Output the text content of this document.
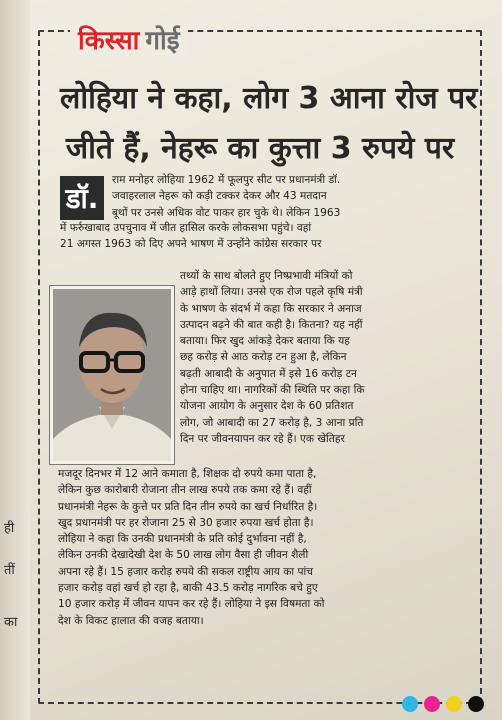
ही
तीं
का
किस्सा गोई
लोहिया ने कहा, लोग 3 आना रोज पर
जीते हैं, नेहरू का कुत्ता 3 रुपये पर
डॉ.
राम मनोहर लोहिया 1962 में फूलपुर सीट पर प्रधानमंत्री डॉ.
जवाहरलाल नेहरू को कड़ी टक्कर देकर और 43 मतदान
बूथों पर उनसे अधिक वोट पाकर हार चुके थे। लेकिन 1963
में फर्रुखाबाद उपचुनाव में जीत हासिल करके लोकसभा पहुंचे। वहां
21 अगस्त 1963 को दिए अपने भाषण में उन्होंने कांग्रेस सरकार पर
तथ्यों के साथ बोलते हुए निष्प्रभावी मंत्रियों को
आड़े हाथों लिया। उनसे एक रोज पहले कृषि मंत्री
के भाषण के संदर्भ में कहा कि सरकार ने अनाज
उत्पादन बढ़ने की बात कही है। कितना? यह नहीं
बताया। फिर खुद आंकड़े देकर बताया कि यह
छह करोड़ से आठ करोड़ टन हुआ है, लेकिन
बढ़ती आबादी के अनुपात में इसे 16 करोड़ टन
होना चाहिए था। नागरिकों की स्थिति पर कहा कि
योजना आयोग के अनुसार देश के 60 प्रतिशत
लोग, जो आबादी का 27 करोड़ है, 3 आना प्रति
दिन पर जीवनयापन कर रहे हैं। एक खेतिहर
मजदूर दिनभर में 12 आने कमाता है, शिक्षक दो रुपये कमा पाता है,
लेकिन कुछ कारोबारी रोजाना तीन लाख रुपये तक कमा रहे हैं। वहीं
प्रधानमंत्री नेहरू के कुत्ते पर प्रति दिन तीन रुपये का खर्च निर्धारित है।
खुद प्रधानमंत्री पर हर रोजाना 25 से 30 हजार रुपया खर्च होता है।
लोहिया ने कहा कि उनकी प्रधानमंत्री के प्रति कोई दुर्भावना नहीं है,
लेकिन उनकी देखादेखी देश के 50 लाख लोग वैसा ही जीवन शैली
अपना रहे हैं। 15 हजार करोड़ रुपये की सकल राष्ट्रीय आय का पांच
हजार करोड़ वहां खर्च हो रहा है, बाकी 43.5 करोड़ नागरिक बचे हुए
10 हजार करोड़ में जीवन यापन कर रहे हैं। लोहिया ने इस विषमता को
देश के विकट हालात की वजह बताया।
